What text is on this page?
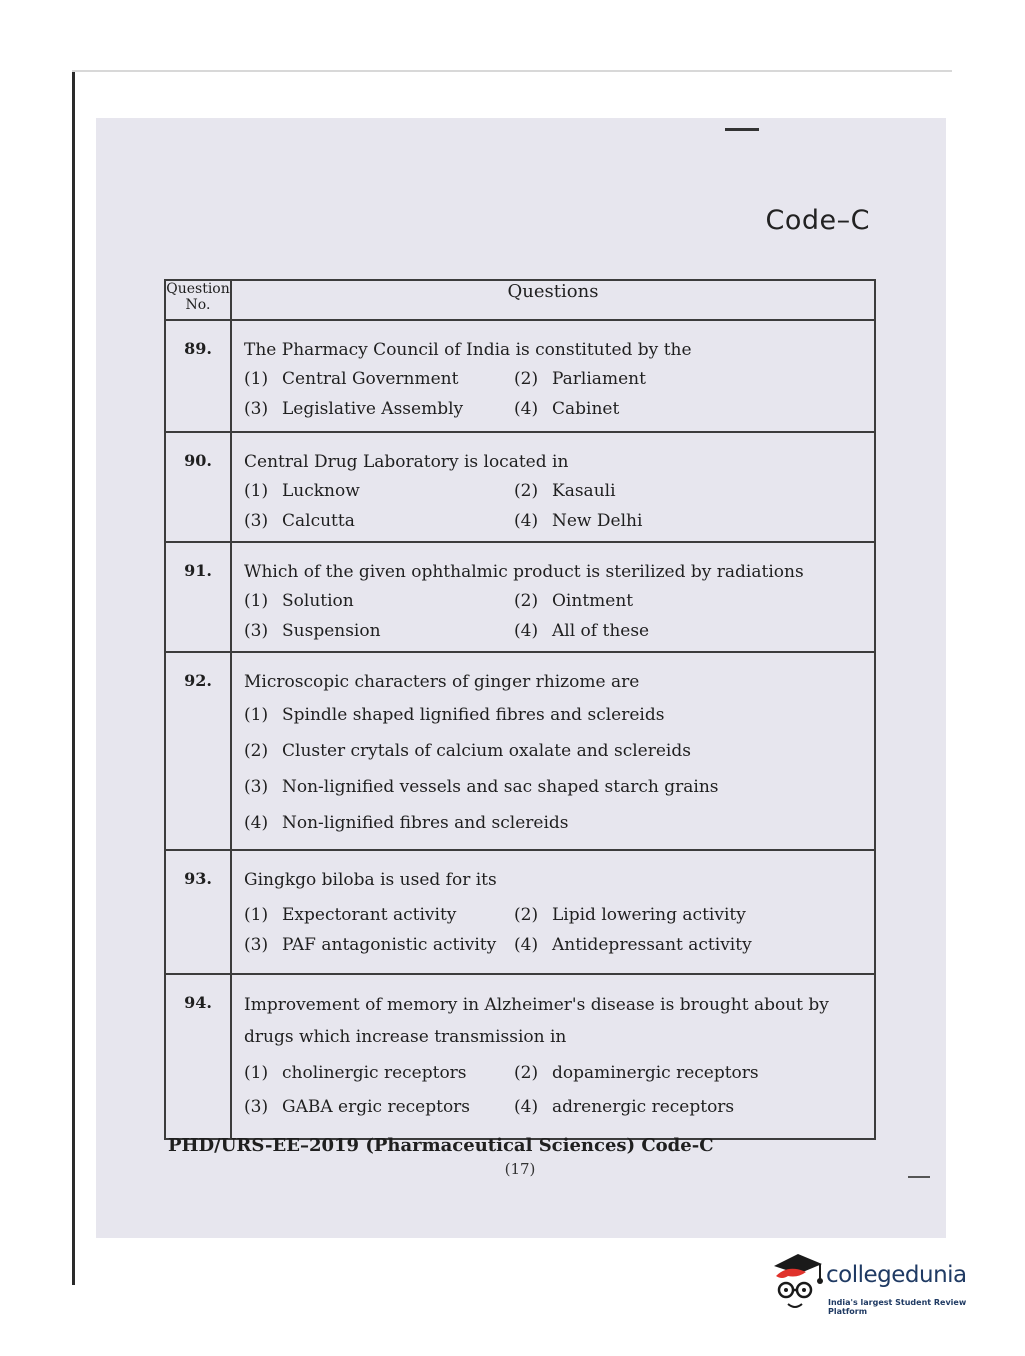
Code–C
Question No.	Questions
89.	The Pharmacy Council of India is constituted by the
(1) Central Government (2) Parliament
(3) Legislative Assembly (4) Cabinet

90.	Central Drug Laboratory is located in
(1) Lucknow (2) Kasauli
(3) Calcutta (4) New Delhi

91.	Which of the given ophthalmic product is sterilized by radiations
(1) Solution (2) Ointment
(3) Suspension (4) All of these

92.	Microscopic characters of ginger rhizome are
(1) Spindle shaped lignified fibres and sclereids
(2) Cluster crytals of calcium oxalate and sclereids
(3) Non-lignified vessels and sac shaped starch grains
(4) Non-lignified fibres and sclereids

93.	Gingkgo biloba is used for its
(1) Expectorant activity (2) Lipid lowering activity
(3) PAF antagonistic activity (4) Antidepressant activity

94.	Improvement of memory in Alzheimer's disease is brought about by drugs which increase transmission in
(1) cholinergic receptors (2) dopaminergic receptors
(3) GABA ergic receptors (4) adrenergic receptors
PHD/URS-EE–2019 (Pharmaceutical Sciences) Code-C
(17)
collegedunia
India's largest Student Review Platform
